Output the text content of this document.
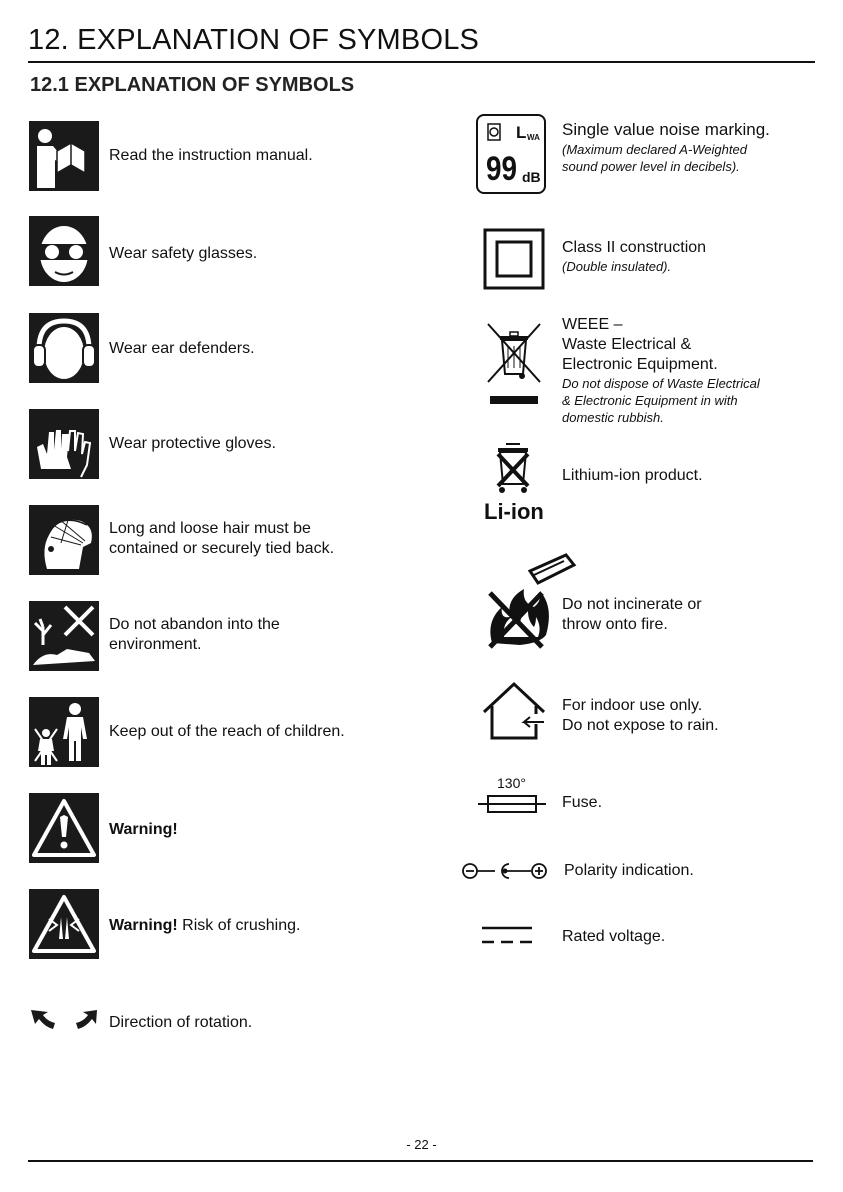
12. EXPLANATION OF SYMBOLS
12.1 EXPLANATION OF SYMBOLS
Read the instruction manual.
Wear safety glasses.
Wear ear defenders.
Wear protective gloves.
Long and loose hair must be
contained or securely tied back.
Do not abandon into the
environment.
Keep out of the reach of children.
Warning!
Warning! Risk of crushing.
Direction of rotation.
L WA
99 dB
Single value noise marking.
(Maximum declared A-Weighted
sound power level in decibels).
Class II construction
(Double insulated).
WEEE –
Waste Electrical &
Electronic Equipment.
Do not dispose of Waste Electrical
& Electronic Equipment in with
domestic rubbish.
Li-ion
Lithium-ion product.
Do not incinerate or
throw onto fire.
For indoor use only.
Do not expose to rain.
130°
Fuse.
Polarity indication.
Rated voltage.
- 22 -
